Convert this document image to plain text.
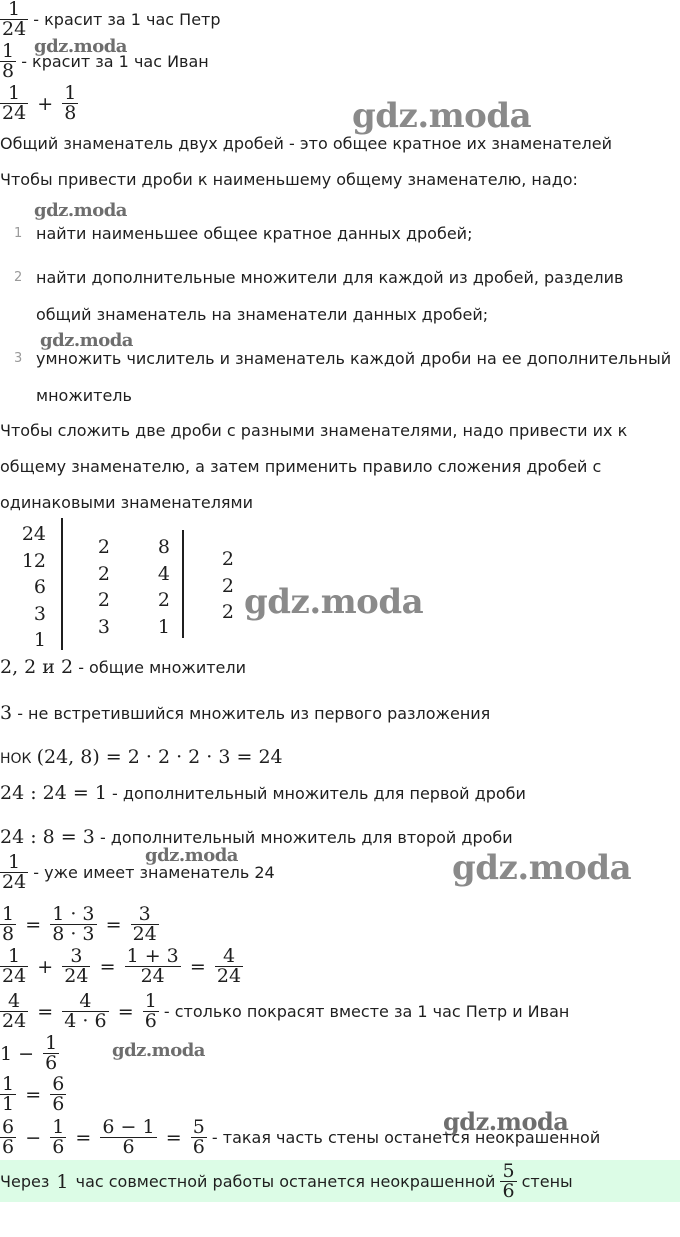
gdz.moda
gdz.moda
gdz.moda
gdz.moda
gdz.moda
gdz.moda	gdz.moda
gdz.moda
gdz.moda
$\frac{1}{24}$ - красит за 1 час Петр
$\frac{1}{8}$ - красит за 1 час Иван
$\frac{1}{24} + \frac{1}{8}$
Общий знаменатель двух дробей - это общее кратное их знаменателей
Чтобы привести дроби к наименьшему общему знаменателю, надо:
1 найти наименьшее общее кратное данных дробей;
2 найти дополнительные множители для каждой из дробей, разделив
общий знаменатель на знаменатели данных дробей;
3 умножить числитель и знаменатель каждой дроби на ее дополнительный
множитель
Чтобы сложить две дроби с разными знаменателями, надо привести их к
общему знаменателю, а затем применить правило сложения дробей с
одинаковыми знаменателями
24
12
6
3
1
2
2
2
3
8
4
2
1
2
2
2
2, 2 и 2 - общие множители
3 - не встретившийся множитель из первого разложения
НОК (24, 8) = 2 · 2 · 2 · 3 = 24
24 : 24 = 1 - дополнительный множитель для первой дроби
24 : 8 = 3 - дополнительный множитель для второй дроби
$\frac{1}{24}$ - уже имеет знаменатель 24
$\frac{1}{8} = \frac{1 \cdot 3}{8 \cdot 3} = \frac{3}{24}$
$\frac{1}{24} + \frac{3}{24} = \frac{1 + 3}{24} = \frac{4}{24}$
$\frac{4}{24} = \frac{4}{4 \cdot 6} = \frac{1}{6}$ - столько покрасят вместе за 1 час Петр и Иван
$1 - \frac{1}{6}$
$\frac{1}{1} = \frac{6}{6}$
$\frac{6}{6} - \frac{1}{6} = \frac{6 - 1}{6} = \frac{5}{6}$ - такая часть стены останется неокрашенной
Через 1 час совместной работы останется неокрашенной $\frac{5}{6}$ стены
